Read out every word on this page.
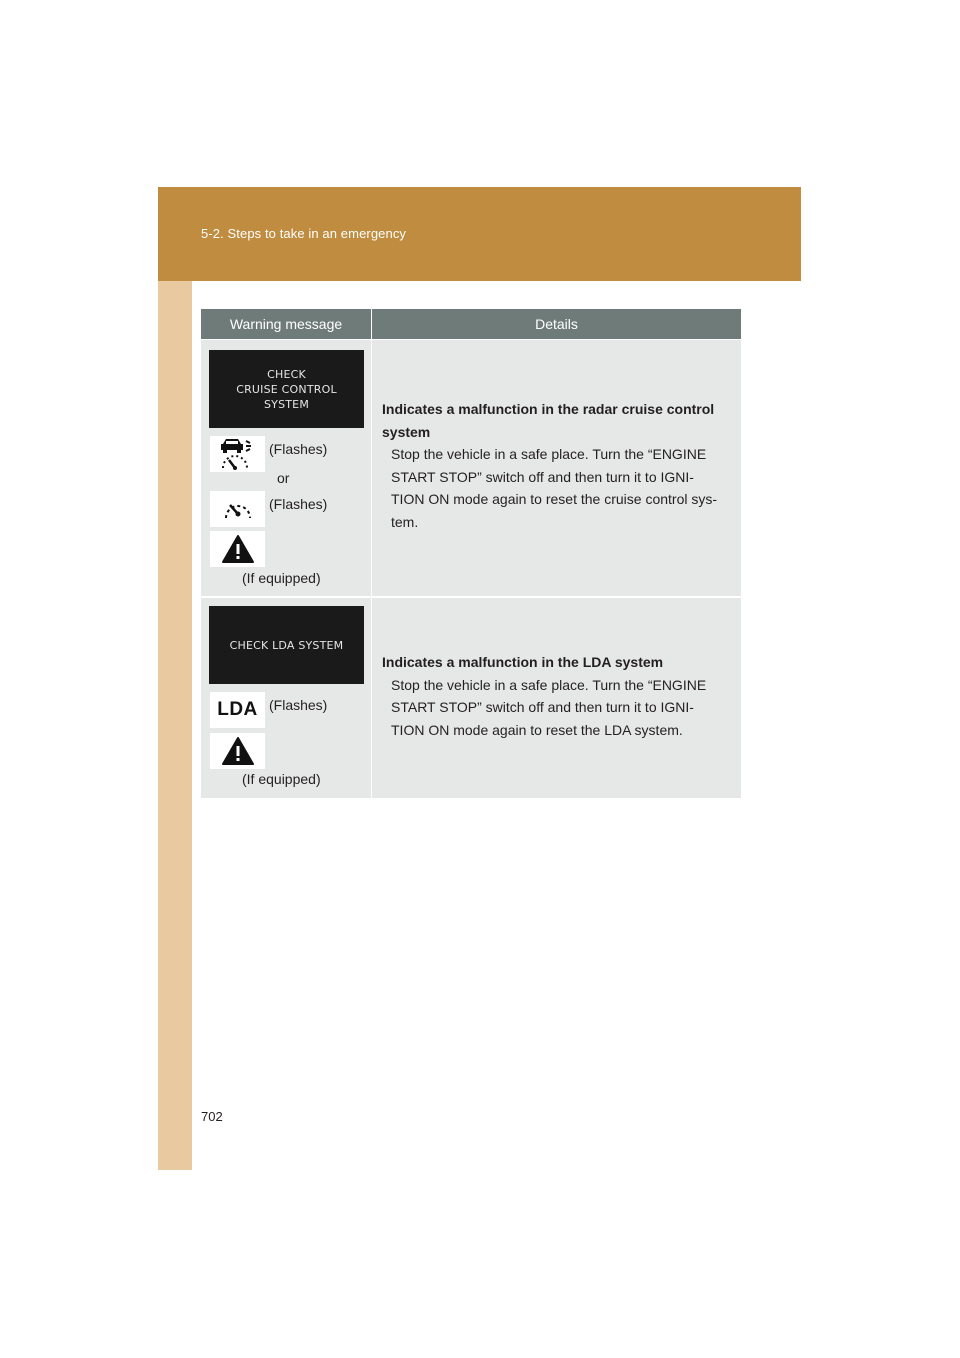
5-2. Steps to take in an emergency
Warning message	Details
CHECK
CRUISE CONTROL
SYSTEM
(Flashes)
or
(Flashes)
(If equipped)
Indicates a malfunction in the radar cruise control
system
Stop the vehicle in a safe place. Turn the “ENGINE
START STOP” switch off and then turn it to IGNI-
TION ON mode again to reset the cruise control sys-
tem.
CHECK LDA SYSTEM
LDA (Flashes)
(If equipped)
Indicates a malfunction in the LDA system
Stop the vehicle in a safe place. Turn the “ENGINE
START STOP” switch off and then turn it to IGNI-
TION ON mode again to reset the LDA system.
702
